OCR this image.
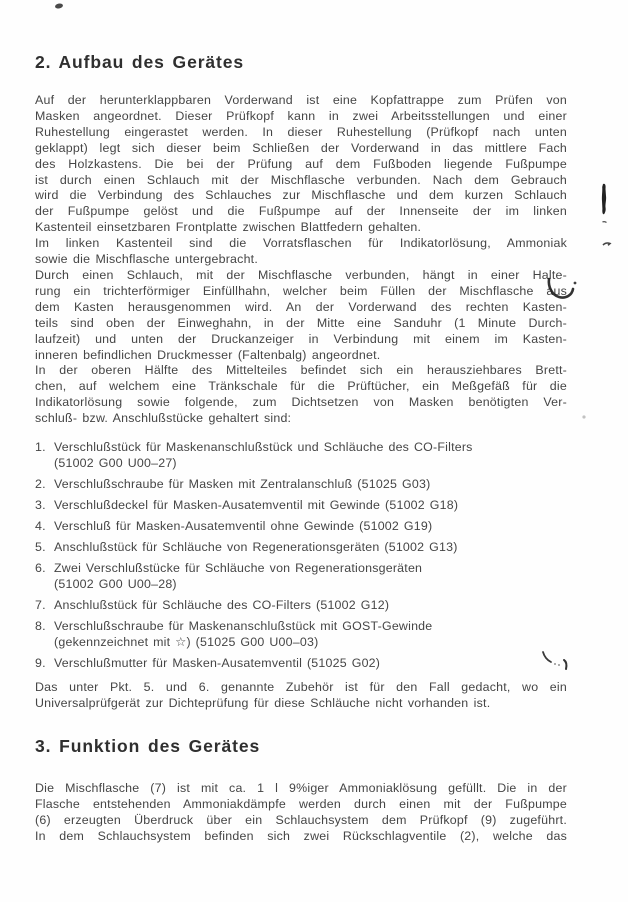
2. Aufbau des Gerätes
Auf der herunterklappbaren Vorderwand ist eine Kopfattrappe zum Prüfen von
Masken angeordnet. Dieser Prüfkopf kann in zwei Arbeitsstellungen und einer
Ruhestellung eingerastet werden. In dieser Ruhestellung (Prüfkopf nach unten
geklappt) legt sich dieser beim Schließen der Vorderwand in das mittlere Fach
des Holzkastens. Die bei der Prüfung auf dem Fußboden liegende Fußpumpe
ist durch einen Schlauch mit der Mischflasche verbunden. Nach dem Gebrauch
wird die Verbindung des Schlauches zur Mischflasche und dem kurzen Schlauch
der Fußpumpe gelöst und die Fußpumpe auf der Innenseite der im linken
Kastenteil einsetzbaren Frontplatte zwischen Blattfedern gehalten.
Im linken Kastenteil sind die Vorratsflaschen für Indikatorlösung, Ammoniak
sowie die Mischflasche untergebracht.
Durch einen Schlauch, mit der Mischflasche verbunden, hängt in einer Halte-
rung ein trichterförmiger Einfüllhahn, welcher beim Füllen der Mischflasche aus
dem Kasten herausgenommen wird. An der Vorderwand des rechten Kasten-
teils sind oben der Einweghahn, in der Mitte eine Sanduhr (1 Minute Durch-
laufzeit) und unten der Druckanzeiger in Verbindung mit einem im Kasten-
inneren befindlichen Druckmesser (Faltenbalg) angeordnet.
In der oberen Hälfte des Mittelteiles befindet sich ein herausziehbares Brett-
chen, auf welchem eine Tränkschale für die Prüftücher, ein Meßgefäß für die
Indikatorlösung sowie folgende, zum Dichtsetzen von Masken benötigten Ver-
schluß- bzw. Anschlußstücke gehaltert sind:
1. Verschlußstück für Maskenanschlußstück und Schläuche des CO-Filters
(51002 G00 U00–27)
2. Verschlußschraube für Masken mit Zentralanschluß (51025 G03)
3. Verschlußdeckel für Masken-Ausatemventil mit Gewinde (51002 G18)
4. Verschluß für Masken-Ausatemventil ohne Gewinde (51002 G19)
5. Anschlußstück für Schläuche von Regenerationsgeräten (51002 G13)
6. Zwei Verschlußstücke für Schläuche von Regenerationsgeräten
(51002 G00 U00–28)
7. Anschlußstück für Schläuche des CO-Filters (51002 G12)
8. Verschlußschraube für Maskenanschlußstück mit GOST-Gewinde
(gekennzeichnet mit ☆) (51025 G00 U00–03)
9. Verschlußmutter für Masken-Ausatemventil (51025 G02)
Das unter Pkt. 5. und 6. genannte Zubehör ist für den Fall gedacht, wo ein
Universalprüfgerät zur Dichteprüfung für diese Schläuche nicht vorhanden ist.
3. Funktion des Gerätes
Die Mischflasche (7) ist mit ca. 1 l 9%iger Ammoniaklösung gefüllt. Die in der
Flasche entstehenden Ammoniakdämpfe werden durch einen mit der Fußpumpe
(6) erzeugten Überdruck über ein Schlauchsystem dem Prüfkopf (9) zugeführt.
In dem Schlauchsystem befinden sich zwei Rückschlagventile (2), welche das
